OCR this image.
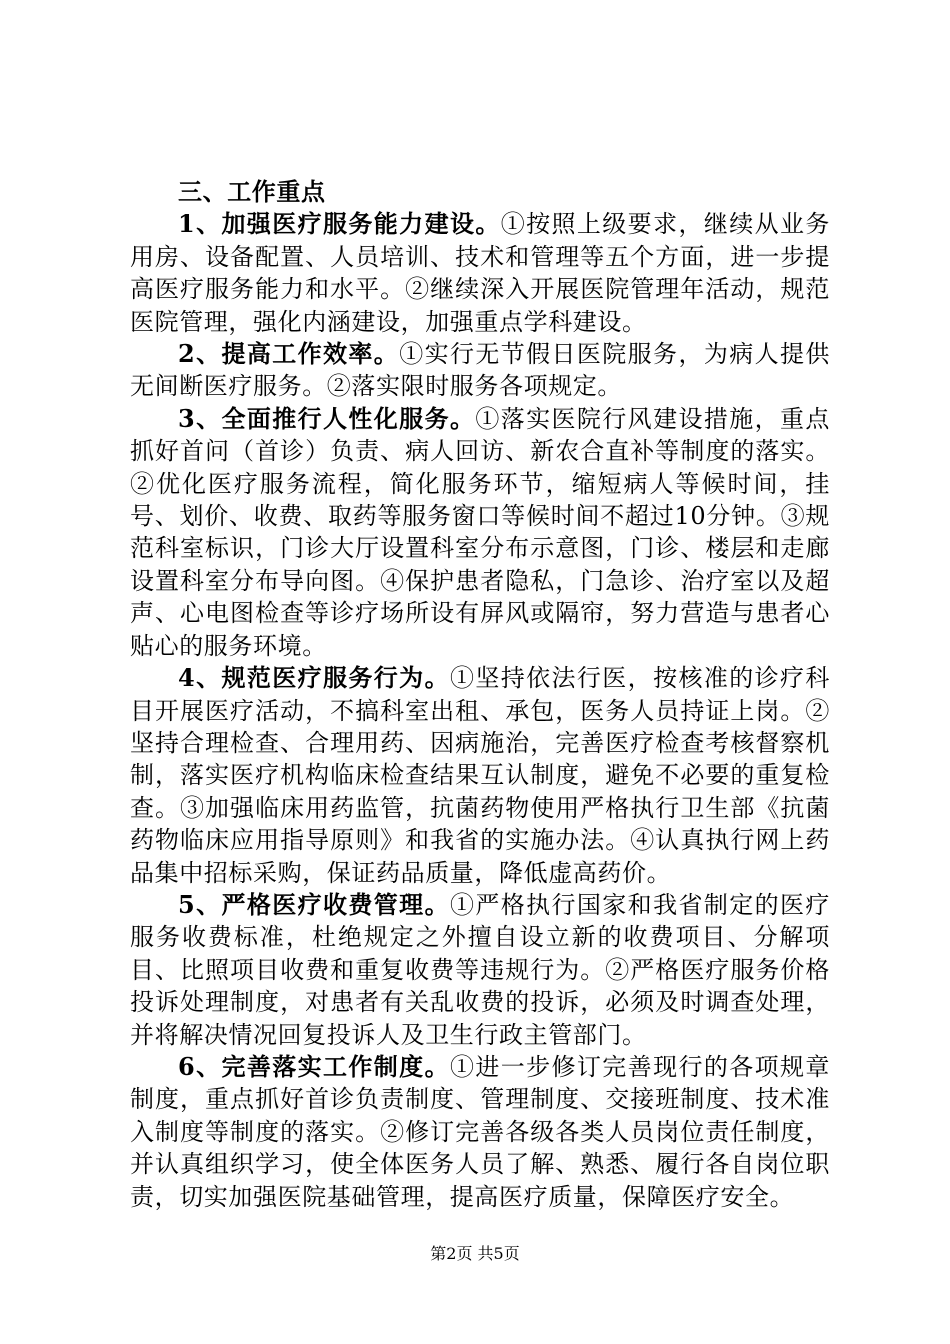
三、工作重点

1、加强医疗服务能力建设。①按照上级要求，继续从业务用房、设备配置、人员培训、技术和管理等五个方面，进一步提高医疗服务能力和水平。②继续深入开展医院管理年活动，规范医院管理，强化内涵建设，加强重点学科建设。

2、提高工作效率。①实行无节假日医院服务，为病人提供无间断医疗服务。②落实限时服务各项规定。

3、全面推行人性化服务。①落实医院行风建设措施，重点抓好首问（首诊）负责、病人回访、新农合直补等制度的落实。②优化医疗服务流程，简化服务环节，缩短病人等候时间，挂号、划价、收费、取药等服务窗口等候时间不超过10分钟。③规范科室标识，门诊大厅设置科室分布示意图，门诊、楼层和走廊设置科室分布导向图。④保护患者隐私，门急诊、治疗室以及超声、心电图检查等诊疗场所设有屏风或隔帘，努力营造与患者心贴心的服务环境。

4、规范医疗服务行为。①坚持依法行医，按核准的诊疗科目开展医疗活动，不搞科室出租、承包，医务人员持证上岗。②坚持合理检查、合理用药、因病施治，完善医疗检查考核督察机制，落实医疗机构临床检查结果互认制度，避免不必要的重复检查。③加强临床用药监管，抗菌药物使用严格执行卫生部《抗菌药物临床应用指导原则》和我省的实施办法。④认真执行网上药品集中招标采购，保证药品质量，降低虚高药价。

5、严格医疗收费管理。①严格执行国家和我省制定的医疗服务收费标准，杜绝规定之外擅自设立新的收费项目、分解项目、比照项目收费和重复收费等违规行为。②严格医疗服务价格投诉处理制度，对患者有关乱收费的投诉，必须及时调查处理，并将解决情况回复投诉人及卫生行政主管部门。

6、完善落实工作制度。①进一步修订完善现行的各项规章制度，重点抓好首诊负责制度、管理制度、交接班制度、技术准入制度等制度的落实。②修订完善各级各类人员岗位责任制度，并认真组织学习，使全体医务人员了解、熟悉、履行各自岗位职责，切实加强医院基础管理，提高医疗质量，保障医疗安全。

第2页 共5页
